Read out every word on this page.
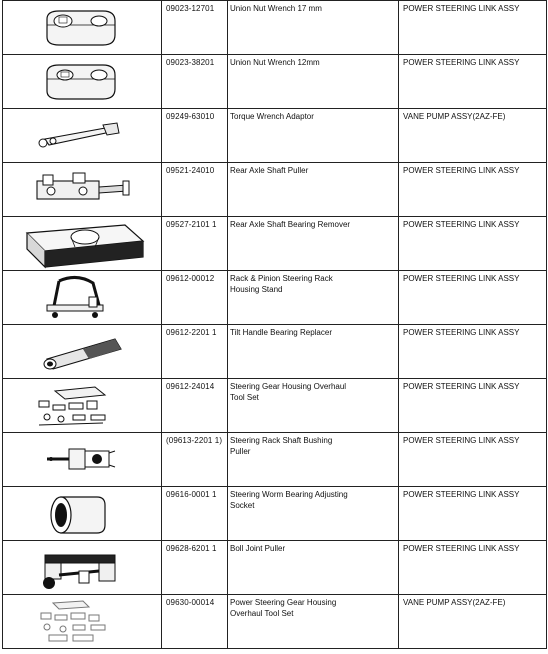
09023-12701	Union Nut Wrench 17 mm	POWER STEERING LINK ASSY

09023-38201	Union Nut Wrench 12mm	POWER STEERING LINK ASSY

09249-63010	Torque Wrench Adaptor	VANE PUMP ASSY(2AZ-FE)

09521-24010	Rear Axle Shaft Puller	POWER STEERING LINK ASSY

09527-2101 1	Rear Axle Shaft Bearing Remover	POWER STEERING LINK ASSY

09612-00012	Rack & Pinion Steering Rack
Housing Stand	POWER STEERING LINK ASSY

09612-2201 1	Tilt Handle Bearing Replacer	POWER STEERING LINK ASSY

09612-24014	Steering Gear Housing Overhaul
Tool Set	POWER STEERING LINK ASSY

(09613-2201 1)	Steering Rack Shaft Bushing
Puller	POWER STEERING LINK ASSY

09616-0001 1	Steering Worm Bearing Adjusting
Socket	POWER STEERING LINK ASSY

09628-6201 1	Boll Joint Puller	POWER STEERING LINK ASSY

09630-00014	Power Steering Gear Housing
Overhaul Tool Set	VANE PUMP ASSY(2AZ-FE)
